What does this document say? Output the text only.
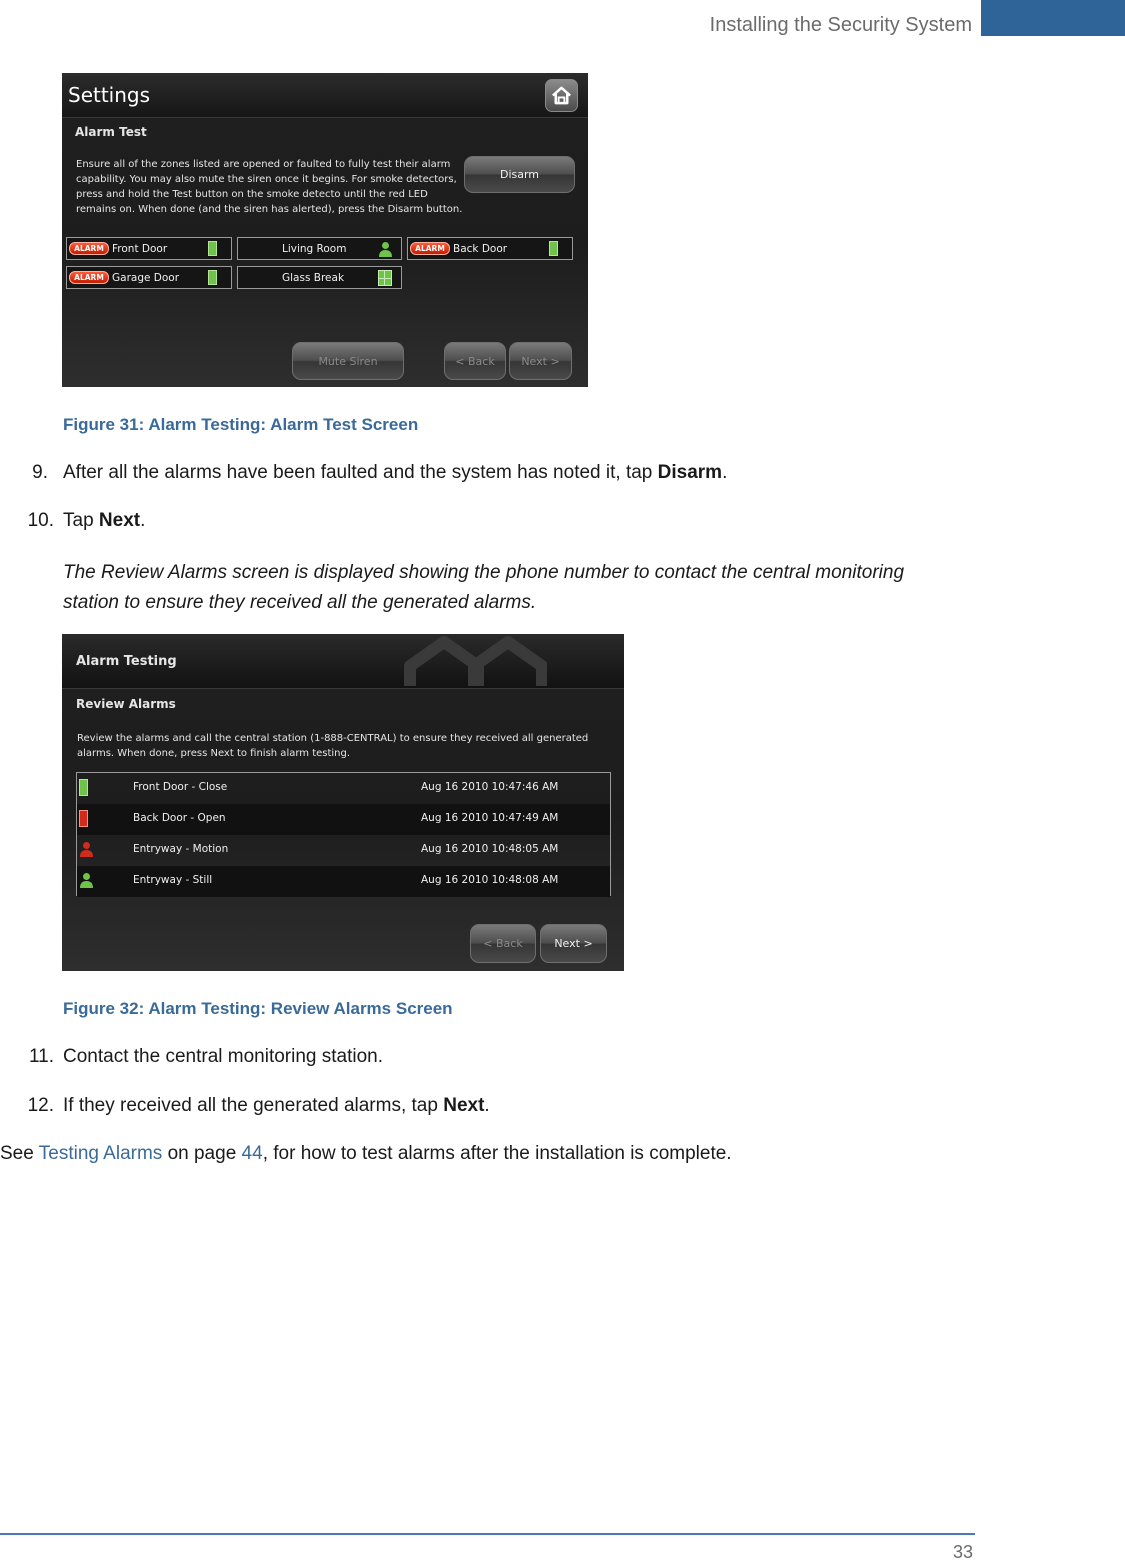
Installing the Security System
Settings
Alarm Test
Ensure all of the zones listed are opened or faulted to fully test their alarm capability. You may also mute the siren once it begins. For smoke detectors, press and hold the Test button on the smoke detecto until the red LED remains on. When done (and the siren has alerted), press the Disarm button.
Disarm
ALARM Front Door	Living Room	ALARM Back Door
ALARM Garage Door	Glass Break
Mute Siren	< Back	Next >
Figure 31: Alarm Testing: Alarm Test Screen
9. After all the alarms have been faulted and the system has noted it, tap Disarm.
10. Tap Next.
The Review Alarms screen is displayed showing the phone number to contact the central monitoring station to ensure they received all the generated alarms.
Alarm Testing
Review Alarms
Review the alarms and call the central station (1-888-CENTRAL) to ensure they received all generated alarms. When done, press Next to finish alarm testing.
Front Door - Close	Aug 16 2010 10:47:46 AM
Back Door - Open	Aug 16 2010 10:47:49 AM
Entryway - Motion	Aug 16 2010 10:48:05 AM
Entryway - Still	Aug 16 2010 10:48:08 AM
< Back	Next >
Figure 32: Alarm Testing: Review Alarms Screen
11. Contact the central monitoring station.
12. If they received all the generated alarms, tap Next.
See Testing Alarms on page 44, for how to test alarms after the installation is complete.
33
